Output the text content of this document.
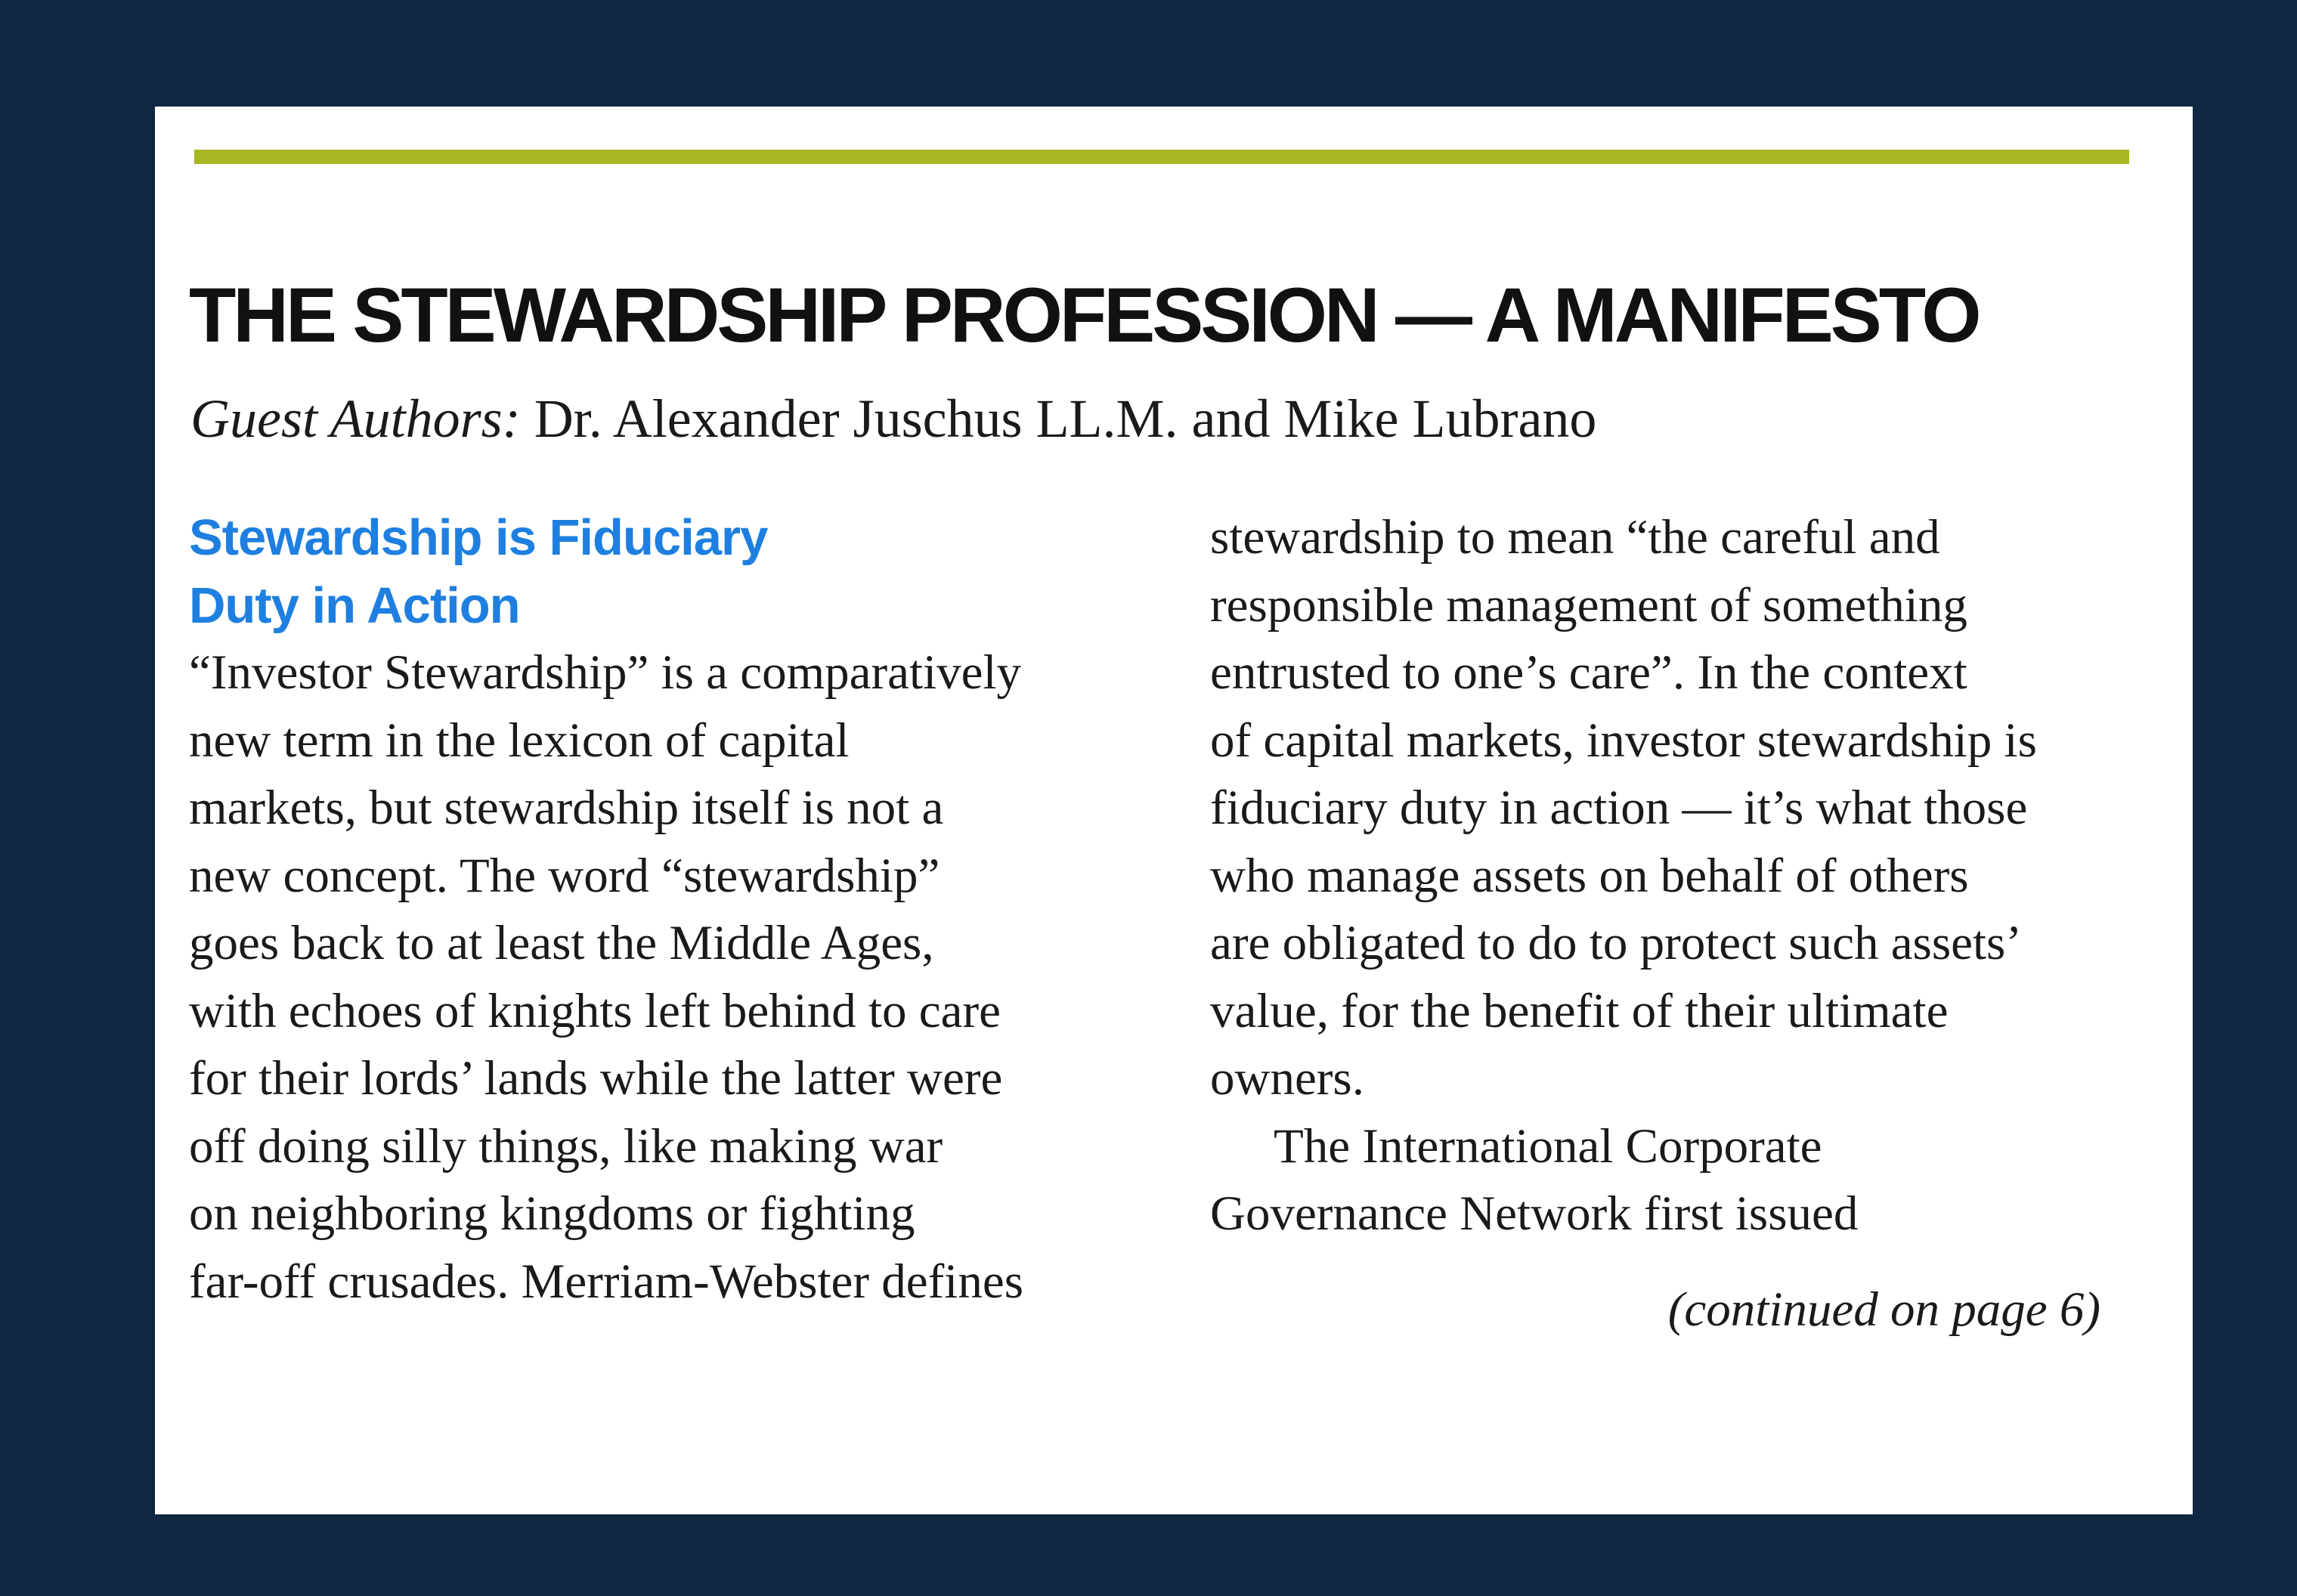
THE STEWARDSHIP PROFESSION — A MANIFESTO

Guest Authors: Dr. Alexander Juschus LL.M. and Mike Lubrano

Stewardship is Fiduciary
Duty in Action
“Investor Stewardship” is a comparatively
new term in the lexicon of capital
markets, but stewardship itself is not a
new concept. The word “stewardship”
goes back to at least the Middle Ages,
with echoes of knights left behind to care
for their lords’ lands while the latter were
off doing silly things, like making war
on neighboring kingdoms or fighting
far-off crusades. Merriam-Webster defines
stewardship to mean “the careful and
responsible management of something
entrusted to one’s care”. In the context
of capital markets, investor stewardship is
fiduciary duty in action — it’s what those
who manage assets on behalf of others
are obligated to do to protect such assets’
value, for the benefit of their ultimate
owners.
The International Corporate
Governance Network first issued
(continued on page 6)
